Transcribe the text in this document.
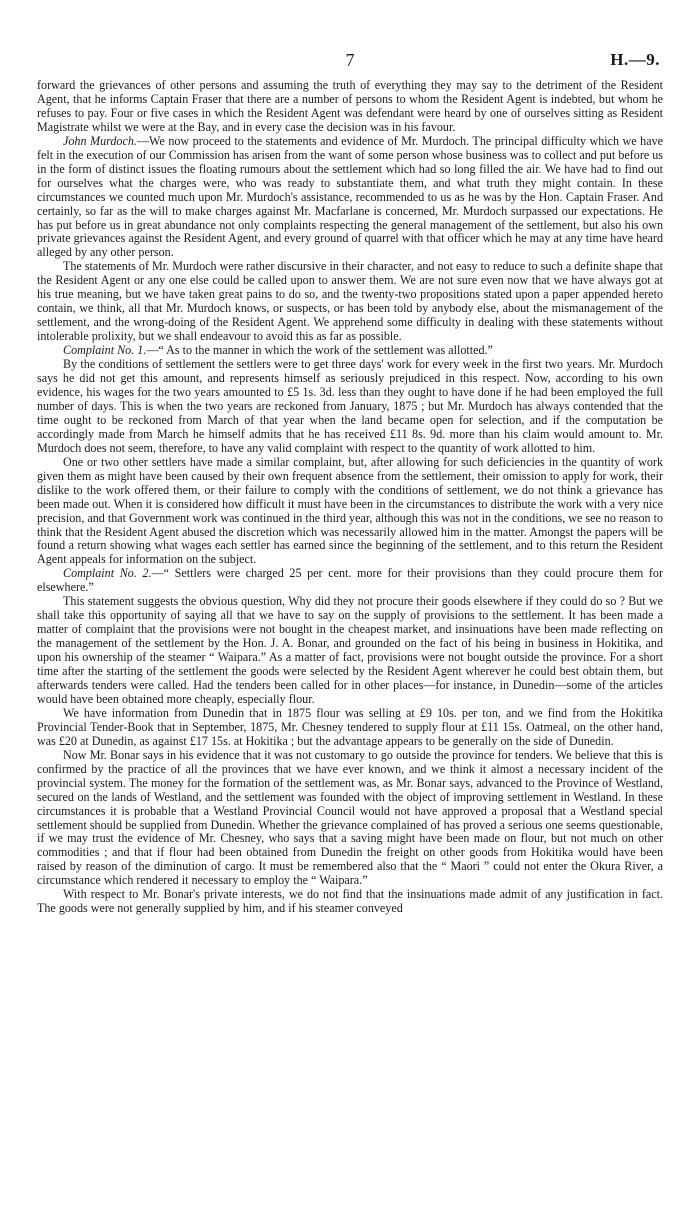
7	H.—9.

forward the grievances of other persons and assuming the truth of everything they may say to the detriment of the Resident Agent, that he informs Captain Fraser that there are a number of persons to whom the Resident Agent is indebted, but whom he refuses to pay. Four or five cases in which the Resident Agent was defendant were heard by one of ourselves sitting as Resident Magistrate whilst we were at the Bay, and in every case the decision was in his favour.

John Murdoch.—We now proceed to the statements and evidence of Mr. Murdoch. The principal difficulty which we have felt in the execution of our Commission has arisen from the want of some person whose business was to collect and put before us in the form of distinct issues the floating rumours about the settlement which had so long filled the air. We have had to find out for ourselves what the charges were, who was ready to substantiate them, and what truth they might contain. In these circumstances we counted much upon Mr. Murdoch's assistance, recommended to us as he was by the Hon. Captain Fraser. And certainly, so far as the will to make charges against Mr. Macfarlane is concerned, Mr. Murdoch surpassed our expectations. He has put before us in great abundance not only complaints respecting the general management of the settlement, but also his own private grievances against the Resident Agent, and every ground of quarrel with that officer which he may at any time have heard alleged by any other person.

The statements of Mr. Murdoch were rather discursive in their character, and not easy to reduce to such a definite shape that the Resident Agent or any one else could be called upon to answer them. We are not sure even now that we have always got at his true meaning, but we have taken great pains to do so, and the twenty-two propositions stated upon a paper appended hereto contain, we think, all that Mr. Murdoch knows, or suspects, or has been told by anybody else, about the mismanagement of the settlement, and the wrong-doing of the Resident Agent. We apprehend some difficulty in dealing with these statements without intolerable prolixity, but we shall endeavour to avoid this as far as possible.

Complaint No. 1.—“ As to the manner in which the work of the settlement was allotted.”

By the conditions of settlement the settlers were to get three days' work for every week in the first two years. Mr. Murdoch says he did not get this amount, and represents himself as seriously prejudiced in this respect. Now, according to his own evidence, his wages for the two years amounted to £5 1s. 3d. less than they ought to have done if he had been employed the full number of days. This is when the two years are reckoned from January, 1875 ; but Mr. Murdoch has always contended that the time ought to be reckoned from March of that year when the land became open for selection, and if the computation be accordingly made from March he himself admits that he has received £11 8s. 9d. more than his claim would amount to. Mr. Murdoch does not seem, therefore, to have any valid complaint with respect to the quantity of work allotted to him.

One or two other settlers have made a similar complaint, but, after allowing for such deficiencies in the quantity of work given them as might have been caused by their own frequent absence from the settlement, their omission to apply for work, their dislike to the work offered them, or their failure to comply with the conditions of settlement, we do not think a grievance has been made out. When it is considered how difficult it must have been in the circumstances to distribute the work with a very nice precision, and that Government work was continued in the third year, although this was not in the conditions, we see no reason to think that the Resident Agent abused the discretion which was necessarily allowed him in the matter. Amongst the papers will be found a return showing what wages each settler has earned since the beginning of the settlement, and to this return the Resident Agent appeals for information on the subject.

Complaint No. 2.—“ Settlers were charged 25 per cent. more for their provisions than they could procure them for elsewhere.”

This statement suggests the obvious question, Why did they not procure their goods elsewhere if they could do so ? But we shall take this opportunity of saying all that we have to say on the supply of provisions to the settlement. It has been made a matter of complaint that the provisions were not bought in the cheapest market, and insinuations have been made reflecting on the management of the settlement by the Hon. J. A. Bonar, and grounded on the fact of his being in business in Hokitika, and upon his ownership of the steamer “ Waipara.” As a matter of fact, provisions were not bought outside the province. For a short time after the starting of the settlement the goods were selected by the Resident Agent wherever he could best obtain them, but afterwards tenders were called. Had the tenders been called for in other places—for instance, in Dunedin—some of the articles would have been obtained more cheaply, especially flour.

We have information from Dunedin that in 1875 flour was selling at £9 10s. per ton, and we find from the Hokitika Provincial Tender-Book that in September, 1875, Mr. Chesney tendered to supply flour at £11 15s. Oatmeal, on the other hand, was £20 at Dunedin, as against £17 15s. at Hokitika ; but the advantage appears to be generally on the side of Dunedin.

Now Mr. Bonar says in his evidence that it was not customary to go outside the province for tenders. We believe that this is confirmed by the practice of all the provinces that we have ever known, and we think it almost a necessary incident of the provincial system. The money for the formation of the settlement was, as Mr. Bonar says, advanced to the Province of Westland, secured on the lands of Westland, and the settlement was founded with the object of improving settlement in Westland. In these circumstances it is probable that a Westland Provincial Council would not have approved a proposal that a Westland special settlement should be supplied from Dunedin. Whether the grievance complained of has proved a serious one seems questionable, if we may trust the evidence of Mr. Chesney, who says that a saving might have been made on flour, but not much on other commodities ; and that if flour had been obtained from Dunedin the freight on other goods from Hokitika would have been raised by reason of the diminution of cargo. It must be remembered also that the “ Maori ” could not enter the Okura River, a circumstance which rendered it necessary to employ the “ Waipara.”

With respect to Mr. Bonar's private interests, we do not find that the insinuations made admit of any justification in fact. The goods were not generally supplied by him, and if his steamer conveyed
